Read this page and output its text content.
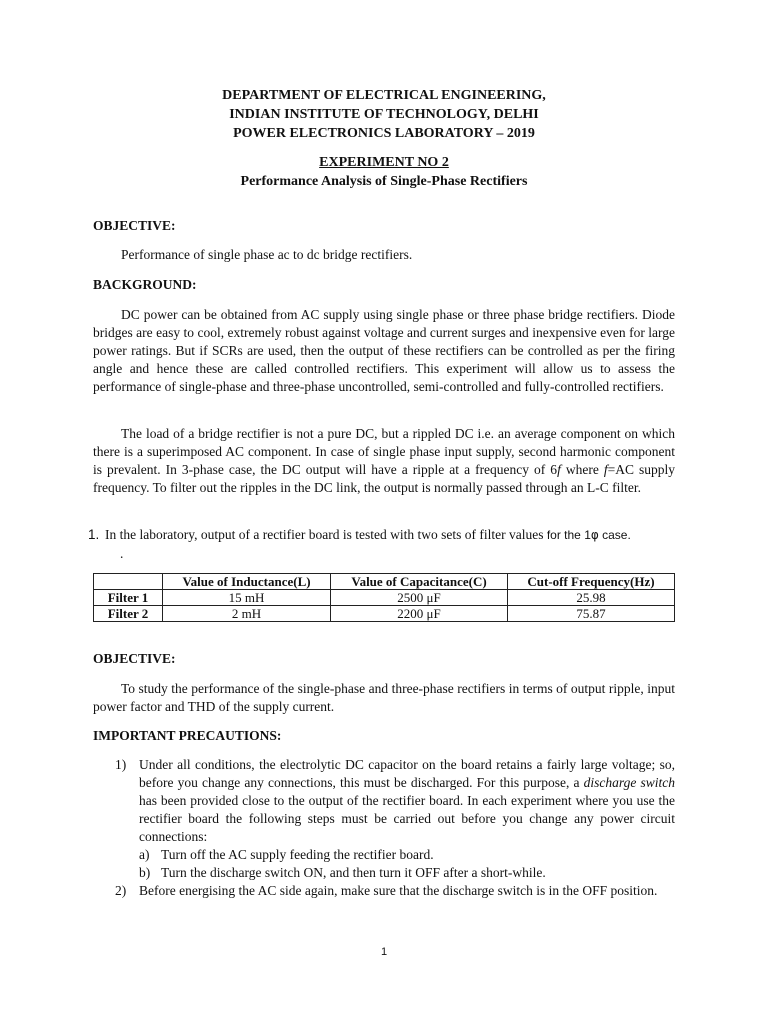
DEPARTMENT OF ELECTRICAL ENGINEERING,
INDIAN INSTITUTE OF TECHNOLOGY, DELHI
POWER ELECTRONICS LABORATORY – 2019
EXPERIMENT NO 2
Performance Analysis of Single-Phase Rectifiers
OBJECTIVE:
Performance of single phase ac to dc bridge rectifiers.
BACKGROUND:
DC power can be obtained from AC supply using single phase or three phase bridge rectifiers. Diode bridges are easy to cool, extremely robust against voltage and current surges and inexpensive even for large power ratings. But if SCRs are used, then the output of these rectifiers can be controlled as per the firing angle and hence these are called controlled rectifiers. This experiment will allow us to assess the performance of single-phase and three-phase uncontrolled, semi-controlled and fully-controlled rectifiers.
The load of a bridge rectifier is not a pure DC, but a rippled DC i.e. an average component on which there is a superimposed AC component. In case of single phase input supply, second harmonic component is prevalent. In 3-phase case, the DC output will have a ripple at a frequency of 6f where f=AC supply frequency. To filter out the ripples in the DC link, the output is normally passed through an L-C filter.
1. In the laboratory, output of a rectifier board is tested with two sets of filter values for the 1φ case.
.
	Value of Inductance(L)	Value of Capacitance(C)	Cut-off Frequency(Hz)
Filter 1	15 mH	2500 μF	25.98
Filter 2	2 mH	2200 μF	75.87
OBJECTIVE:
To study the performance of the single-phase and three-phase rectifiers in terms of output ripple, input power factor and THD of the supply current.
IMPORTANT PRECAUTIONS:
1) Under all conditions, the electrolytic DC capacitor on the board retains a fairly large voltage; so, before you change any connections, this must be discharged. For this purpose, a discharge switch has been provided close to the output of the rectifier board. In each experiment where you use the rectifier board the following steps must be carried out before you change any power circuit connections:
a) Turn off the AC supply feeding the rectifier board.
b) Turn the discharge switch ON, and then turn it OFF after a short-while.
2) Before energising the AC side again, make sure that the discharge switch is in the OFF position.
1
